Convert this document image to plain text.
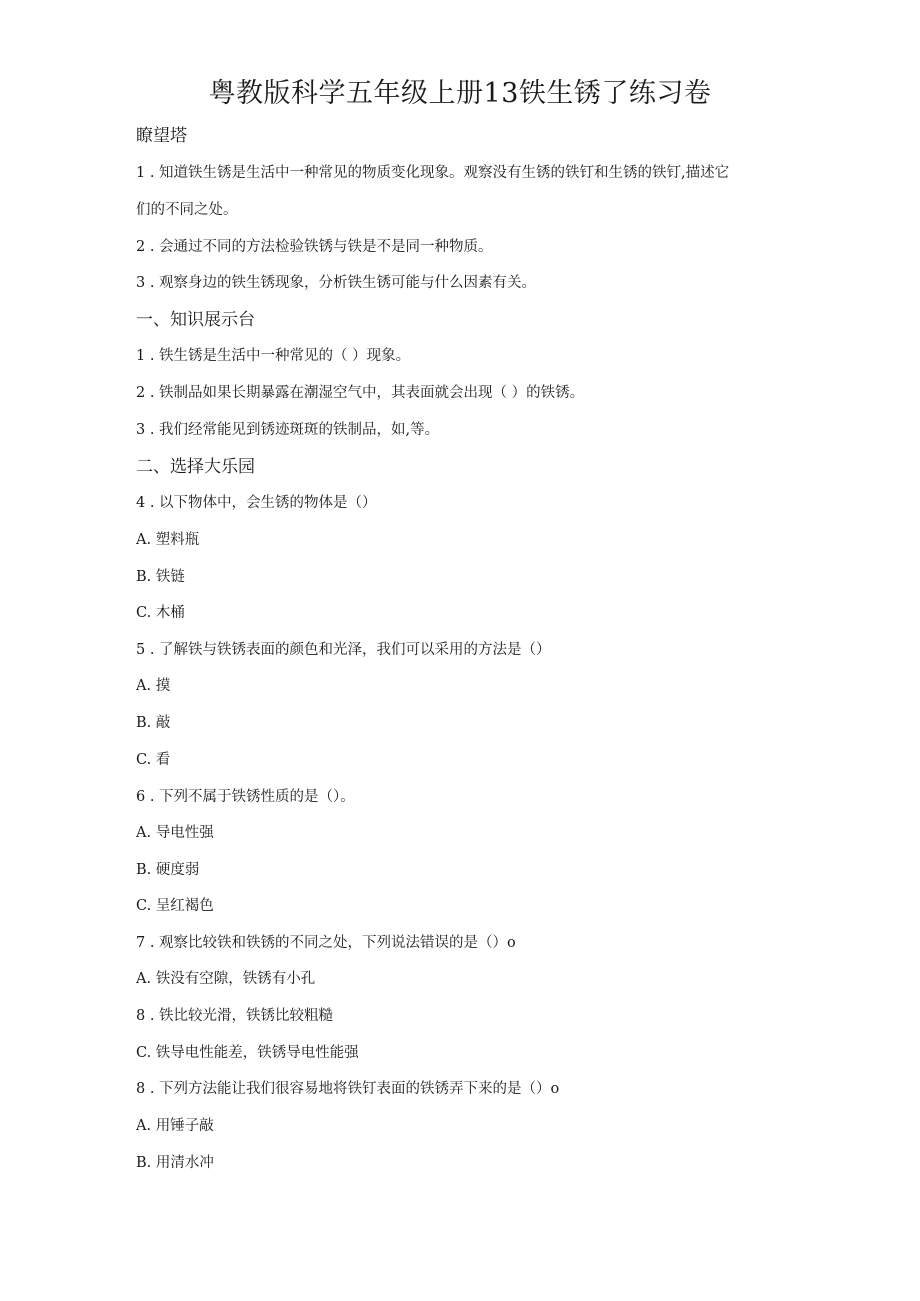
粤教版科学五年级上册13铁生锈了练习卷
瞭望塔
1 . 知道铁生锈是生活中一种常见的物质变化现象。观察没有生锈的铁钉和生锈的铁钉,描述它
们的不同之处。
2 . 会通过不同的方法检验铁锈与铁是不是同一种物质。
3 . 观察身边的铁生锈现象，分析铁生锈可能与什么因素有关。
一、知识展示台
1 . 铁生锈是生活中一种常见的（ ）现象。
2 . 铁制品如果长期暴露在潮湿空气中，其表面就会出现（ ）的铁锈。
3 . 我们经常能见到锈迹斑斑的铁制品，如,等。
二、选择大乐园
4 . 以下物体中，会生锈的物体是（）
A. 塑料瓶
B. 铁链
C. 木桶
5 . 了解铁与铁锈表面的颜色和光泽，我们可以采用的方法是（）
A. 摸
B. 敲
C. 看
6 . 下列不属于铁锈性质的是（）。
A. 导电性强
B. 硬度弱
C. 呈红褐色
7 . 观察比较铁和铁锈的不同之处，下列说法错误的是（）o
A. 铁没有空隙，铁锈有小孔
8 . 铁比较光滑，铁锈比较粗糙
C. 铁导电性能差，铁锈导电性能强
8 . 下列方法能让我们很容易地将铁钉表面的铁锈弄下来的是（）o
A. 用锤子敲
B. 用清水冲
